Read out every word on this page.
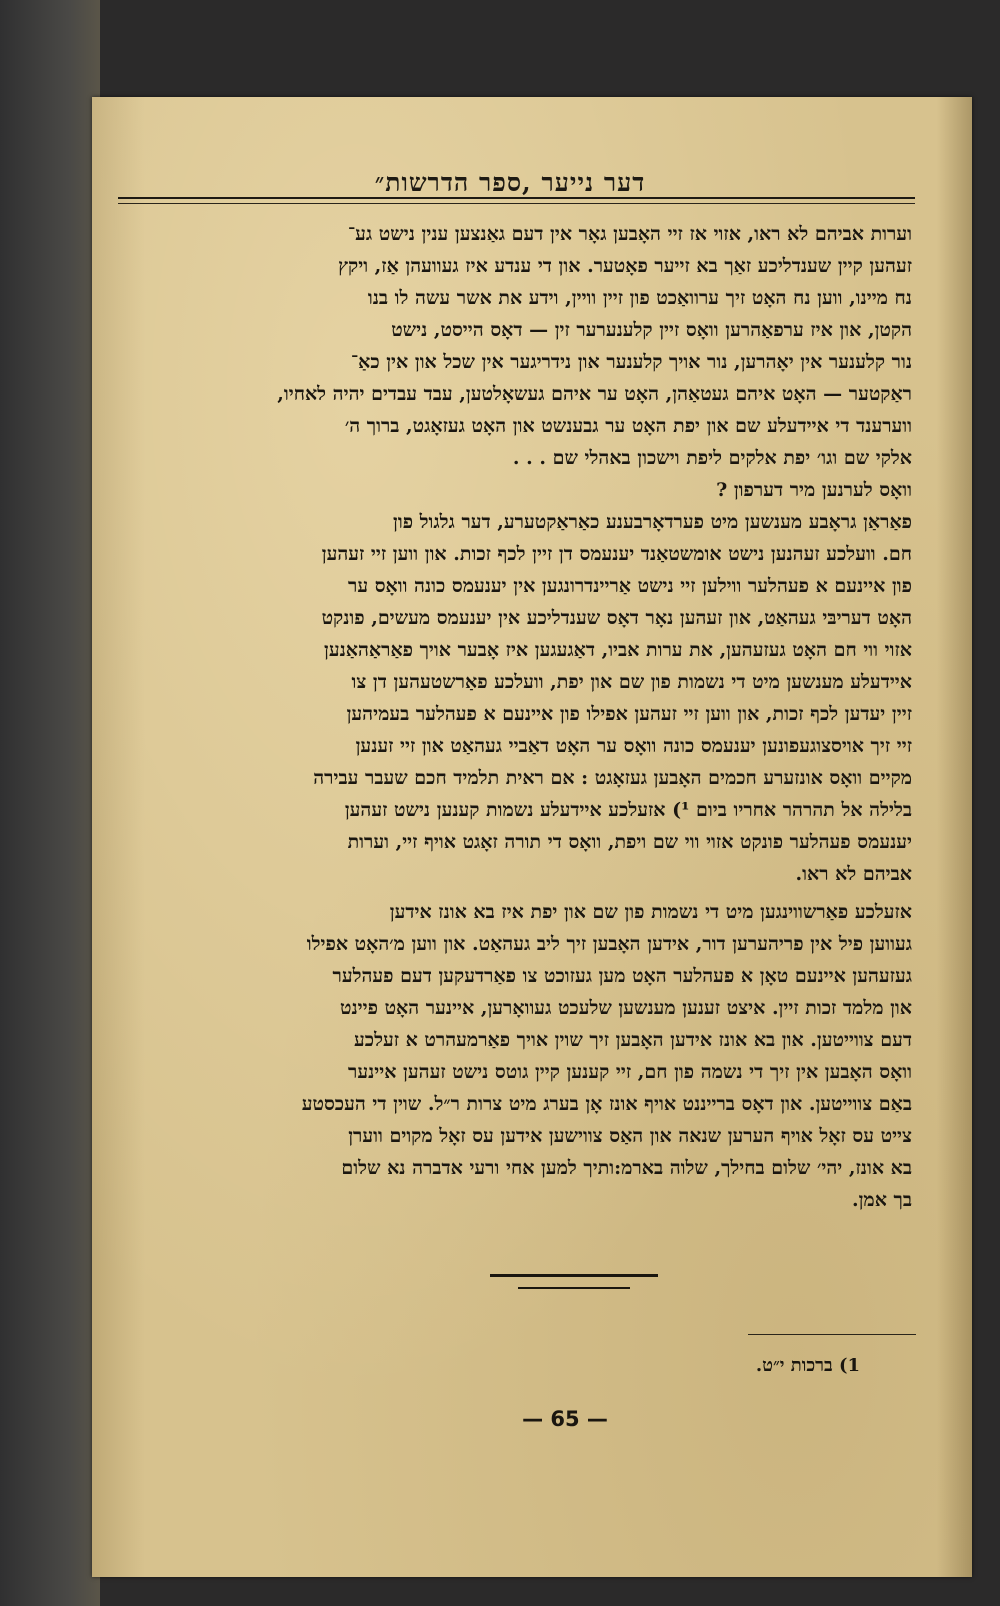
דער נייער ,ספר הדרשות״
וערות אביהם לא ראו, אזוי אז זיי האָבען גאָר אין דעם גאַנצען ענין נישט גע־
זעהען קיין שענדליכע זאַך בא זייער פאָטער. און די ענדע איז געוועהן אַז, ויקץ
נח מיינו, ווען נח האָט זיך ערוואַכט פון זיין וויין, וידע את אשר עשה לו בנו
הקטן, און איז ערפאַהרען וואָס זיין קלענערער זין — דאָס הייסט, נישט
נור קלענער אין יאָהרען, נור אויך קלענער און נידריגער אין שכל און אין כאַ־
ראַקטער — האָט איהם געטאַהן, האָט ער איהם געשאָלטען, עבד עבדים יהיה לאחיו,
ווערענד די איידעלע שם און יפת האָט ער גבענשט און האָט געזאָגט, ברוך ה׳
אלקי שם וגו׳ יפת אלקים ליפת וישכון באהלי שם . . .
וואָס לערנען מיר דערפון ?
פאַראַן גראָבע מענשען מיט פערדאָרבענע כאַראַקטערע, דער גלגול פון
חם. וועלכע זעהנען נישט אומשטאַנד יענעמס דן זיין לכף זכות. און ווען זיי זעהען
פון איינעם א פעהלער ווילען זיי נישט אַריינדרונגען אין יענעמס כונה וואָס ער
האָט דעריבּי געהאַט, און זעהען נאָר דאָס שענדליכע אין יענעמס מעשים, פונקט
אזוי ווי חם האָט געזעהען, את ערות אביו, דאַגעגען איז אָבער אויך פאַראַהאַנען
איידעלע מענשען מיט די נשמות פון שם און יפת, וועלכע פאַרשטעהען דן צו
זיין יעדען לכף זכות, און ווען זיי זעהען אפילו פון איינעם א פעהלער בעמיהען
זיי זיך אויסצוגעפונען יענעמס כונה וואָס ער האָט דאַביי געהאַט און זיי זענען
מקיים וואָס אונזערע חכמים האָבען געזאָגט : אם ראית תלמיד חכם שעבר עבירה
בלילה אל תהרהר אחריו ביום ¹) אזעלכע איידעלע נשמות קענען נישט זעהען
יענעמס פעהלער פונקט אזוי ווי שם ויפת, וואָס די תורה זאָגט אויף זיי, וערות
אביהם לא ראו.
אזעלכע פאַרשווינגען מיט די נשמות פון שם און יפת איז בא אונז אידען
געווען פיל אין פריהערען דור, אידען האָבען זיך ליב געהאַט. און ווען מ׳האָט אפילו
געזעהען איינעם טאָן א פעהלער האָט מען געזוכט צו פאַרדעקען דעם פעהלער
און מלמד זכות זיין. איצט זענען מענשען שלעכט געוואָרען, איינער האָט פיינט
דעם צווייטען. און בא אונז אידען האָבען זיך שוין אויך פאַרמעהרט א זעלכע
וואָס האָבען אין זיך די נשמה פון חם, זיי קענען קיין גוטס נישט זעהען איינער
באַם צווייטען. און דאָס ברייננט אויף אונז אָן בערג מיט צרות ר״ל. שוין די העכסטע
צייט עס זאָל אויף הערען שנאה און האַס צווישען אידען עס זאָל מקוים ווערן
בא אונז, יהי׳ שלום בחילך, שלוה בארמ:ותיך למען אחי ורעי אדברה נא שלום
בך אמן.
1) ברכות י״ט.
— 65 —
